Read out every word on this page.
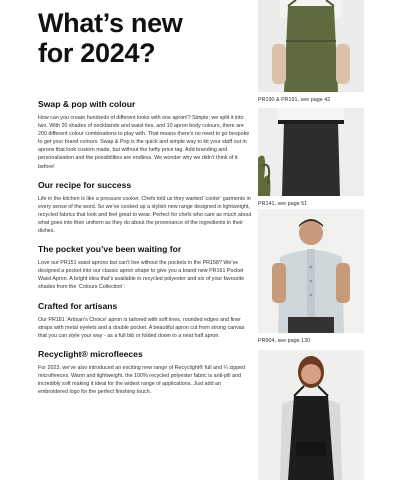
What’s new
for 2024?
Swap & pop with colour

How can you create hundreds of different looks with one apron!? Simple; we split it into two. With 20 shades of neckbands and waist ties, and 10 apron body colours, there are 200 different colour combinations to play with. That means there’s no need to go bespoke to get your brand colours. Swap & Pop is the quick and simple way to kit your staff out in aprons that look custom made, but without the hefty price tag. Add branding and personalisation and the possibilities are endless. We wonder why we didn’t think of it before!

Our recipe for success

Life in the kitchen is like a pressure cooker. Chefs told us they wanted ‘cooler’ garments in every sense of the word. So we’ve cooked up a stylish new range designed in lightweight, recycled fabrics that look and feel great to wear. Perfect for chefs who care as much about what goes into their uniform as they do about the provenance of the ingredients in their dishes.

The pocket you’ve been waiting for

Love our PR151 waist aprons but can’t live without the pockets in the PR158? We’ve designed a pocket into our classic apron shape to give you a brand new PR161 Pocket Waist Apron. A bright idea that’s available in recycled polyester and six of your favourite shades from the ‘Colours Collection’.

Crafted for artisans

Our PR181 ‘Artisan’s Choice’ apron is tailored with soft lines, rounded edges and finer straps with metal eyelets and a double pocket. A beautiful apron cut from strong canvas that you can style your way - as a full bib or folded down to a neat half apron.

Recyclight® microfleeces

For 2023, we’ve also introduced an exciting new range of Recyclight® full and ¼ zipped microfleeces. Warm and lightweight, the 100% recycled polyester fabric is anti-pill and incredibly soft making it ideal for the widest range of applications. Just add an embroidered logo for the perfect finishing touch.

PR190 & PR191, see page 42
PR141, see page 51
PR904, see page 130
